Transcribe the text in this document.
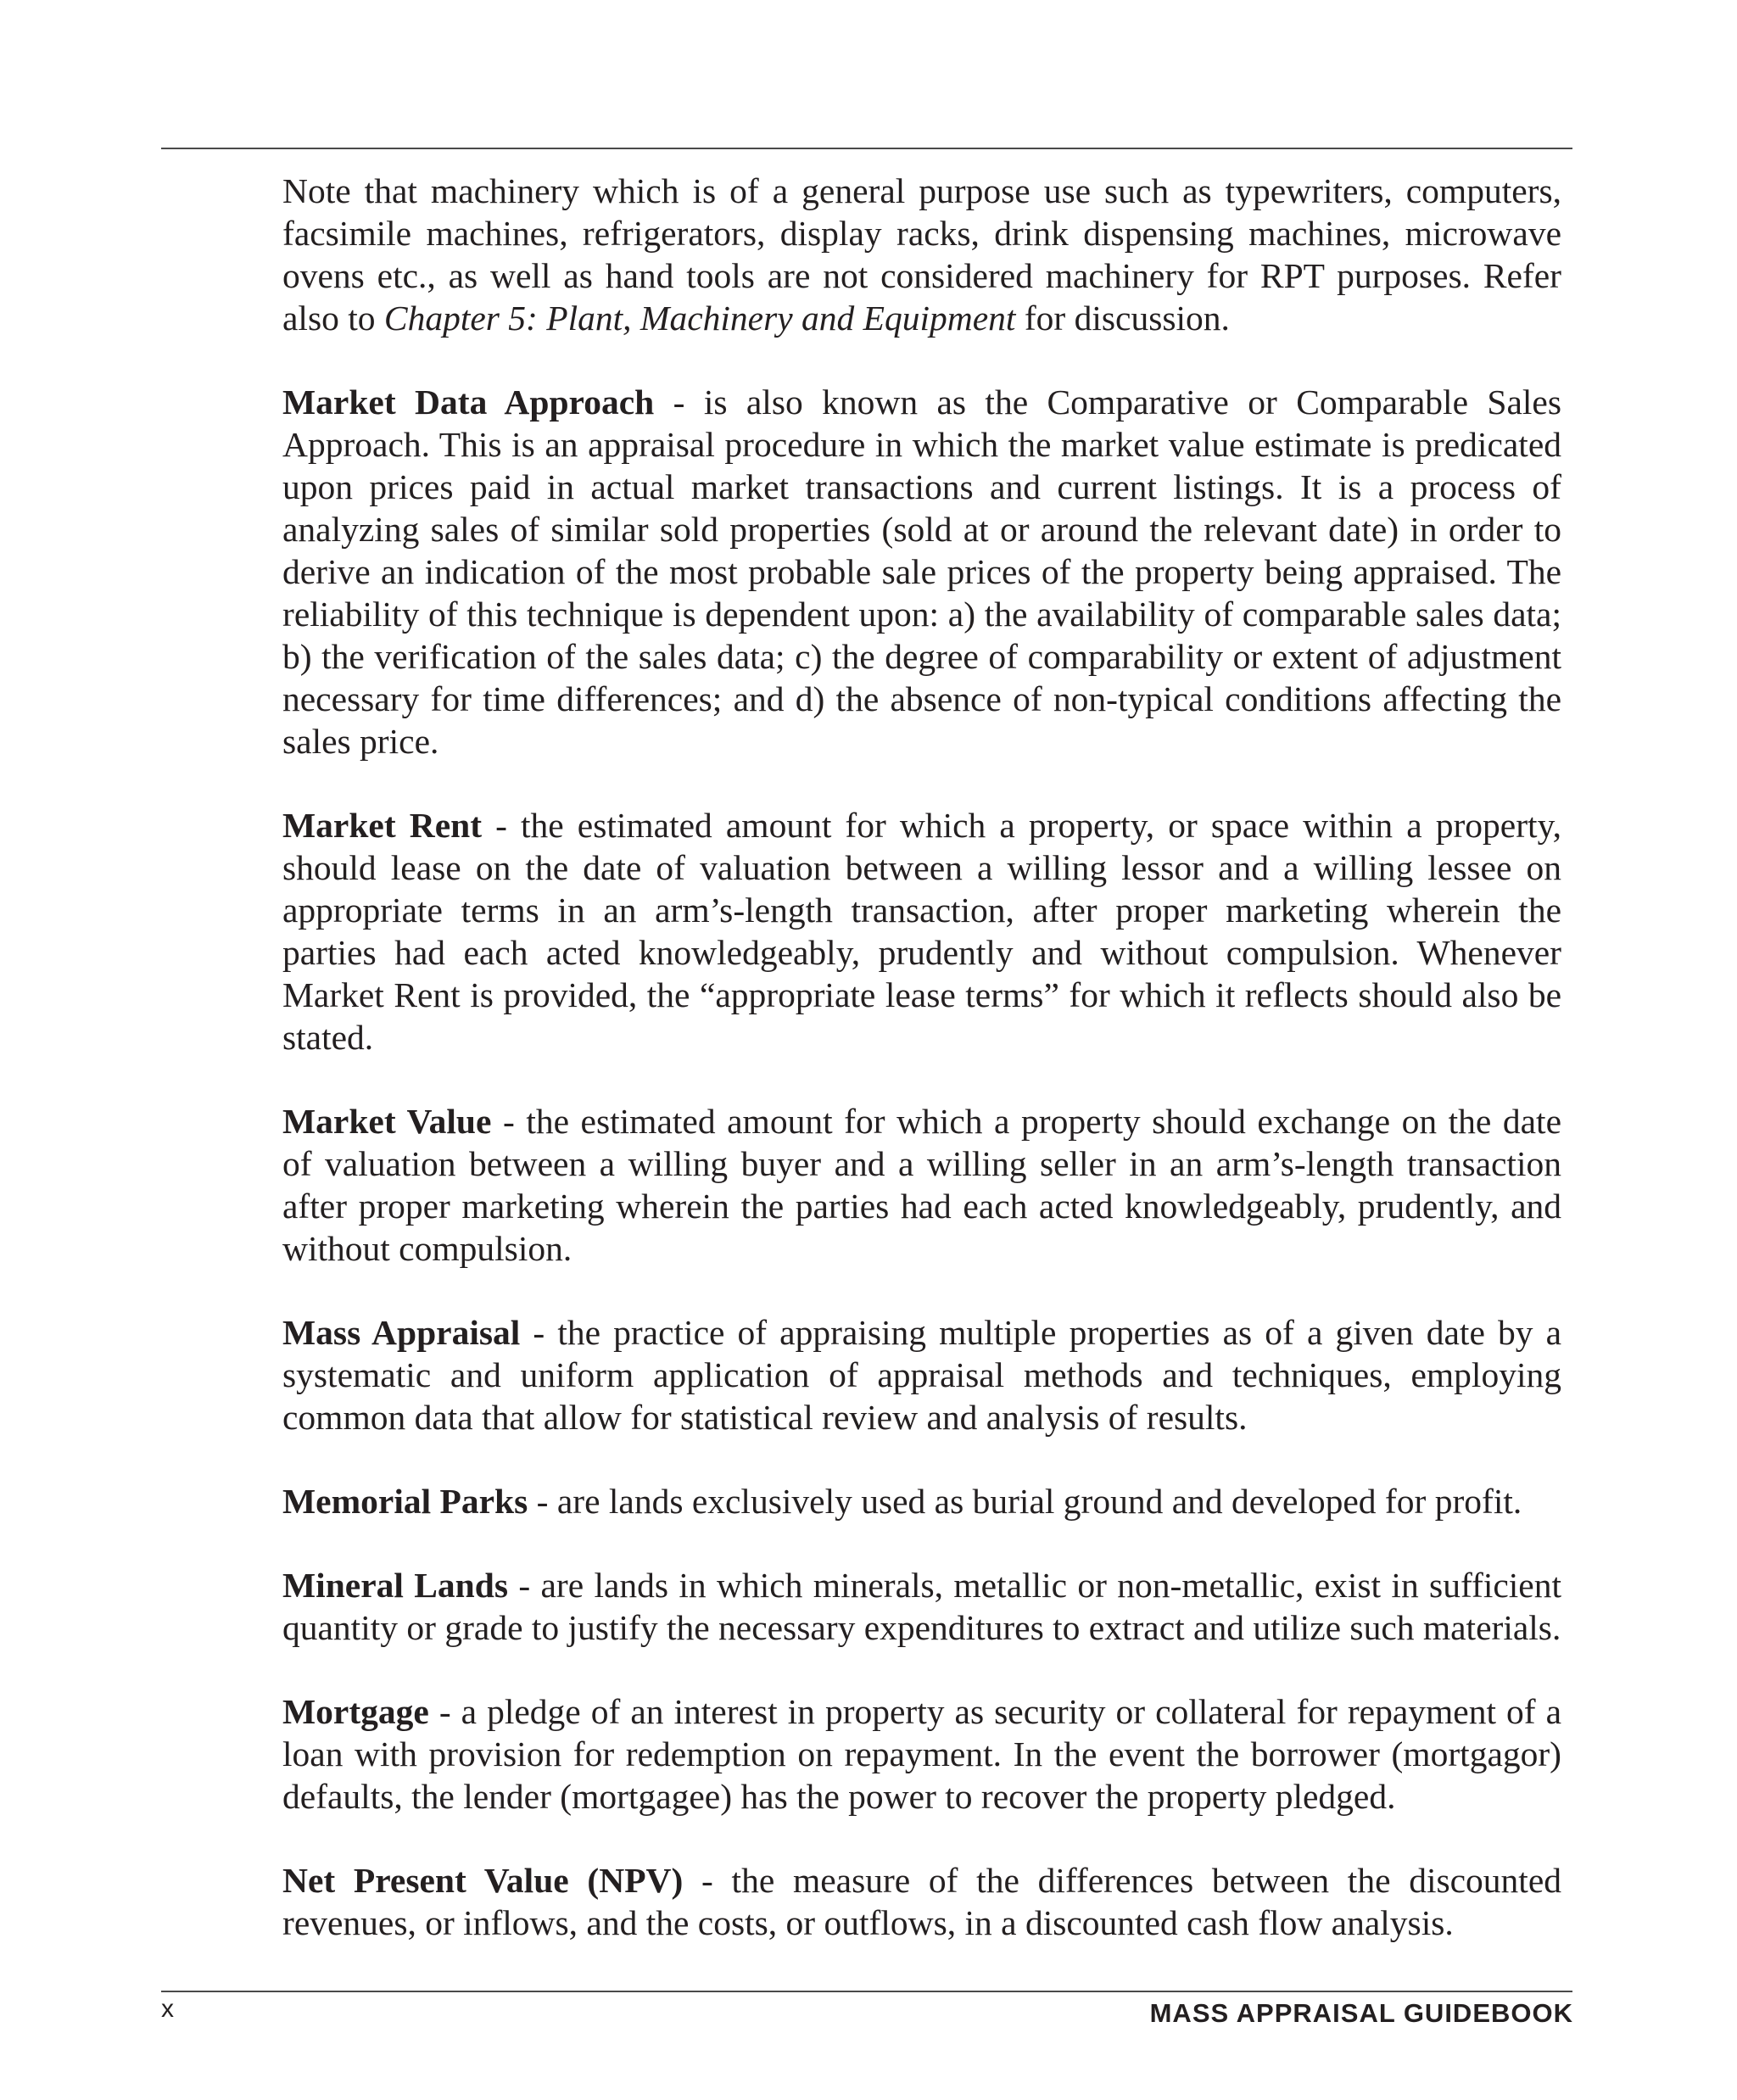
Note that machinery which is of a general purpose use such as typewriters, computers, facsimile machines, refrigerators, display racks, drink dispensing machines, microwave ovens etc., as well as hand tools are not considered machinery for RPT purposes. Refer also to Chapter 5: Plant, Machinery and Equipment for discussion.

Market Data Approach - is also known as the Comparative or Comparable Sales Approach. This is an appraisal procedure in which the market value estimate is predicated upon prices paid in actual market transactions and current listings. It is a process of analyzing sales of similar sold properties (sold at or around the relevant date) in order to derive an indication of the most probable sale prices of the property being appraised. The reliability of this technique is dependent upon: a) the availability of comparable sales data; b) the verification of the sales data; c) the degree of comparability or extent of adjustment necessary for time differences; and d) the absence of non-typical conditions affecting the sales price.

Market Rent - the estimated amount for which a property, or space within a property, should lease on the date of valuation between a willing lessor and a willing lessee on appropriate terms in an arm’s-length transaction, after proper marketing wherein the parties had each acted knowledgeably, prudently and without compulsion. Whenever Market Rent is provided, the “appropriate lease terms” for which it reflects should also be stated.

Market Value - the estimated amount for which a property should exchange on the date of valuation between a willing buyer and a willing seller in an arm’s-length transaction after proper marketing wherein the parties had each acted knowledgeably, prudently, and without compulsion.

Mass Appraisal - the practice of appraising multiple properties as of a given date by a systematic and uniform application of appraisal methods and techniques, employing common data that allow for statistical review and analysis of results.

Memorial Parks - are lands exclusively used as burial ground and developed for profit.

Mineral Lands - are lands in which minerals, metallic or non-metallic, exist in sufficient quantity or grade to justify the necessary expenditures to extract and utilize such materials.

Mortgage - a pledge of an interest in property as security or collateral for repayment of a loan with provision for redemption on repayment. In the event the borrower (mortgagor) defaults, the lender (mortgagee) has the power to recover the property pledged.

Net Present Value (NPV) - the measure of the differences between the discounted revenues, or inflows, and the costs, or outflows, in a discounted cash flow analysis.

x	MASS APPRAISAL GUIDEBOOK
